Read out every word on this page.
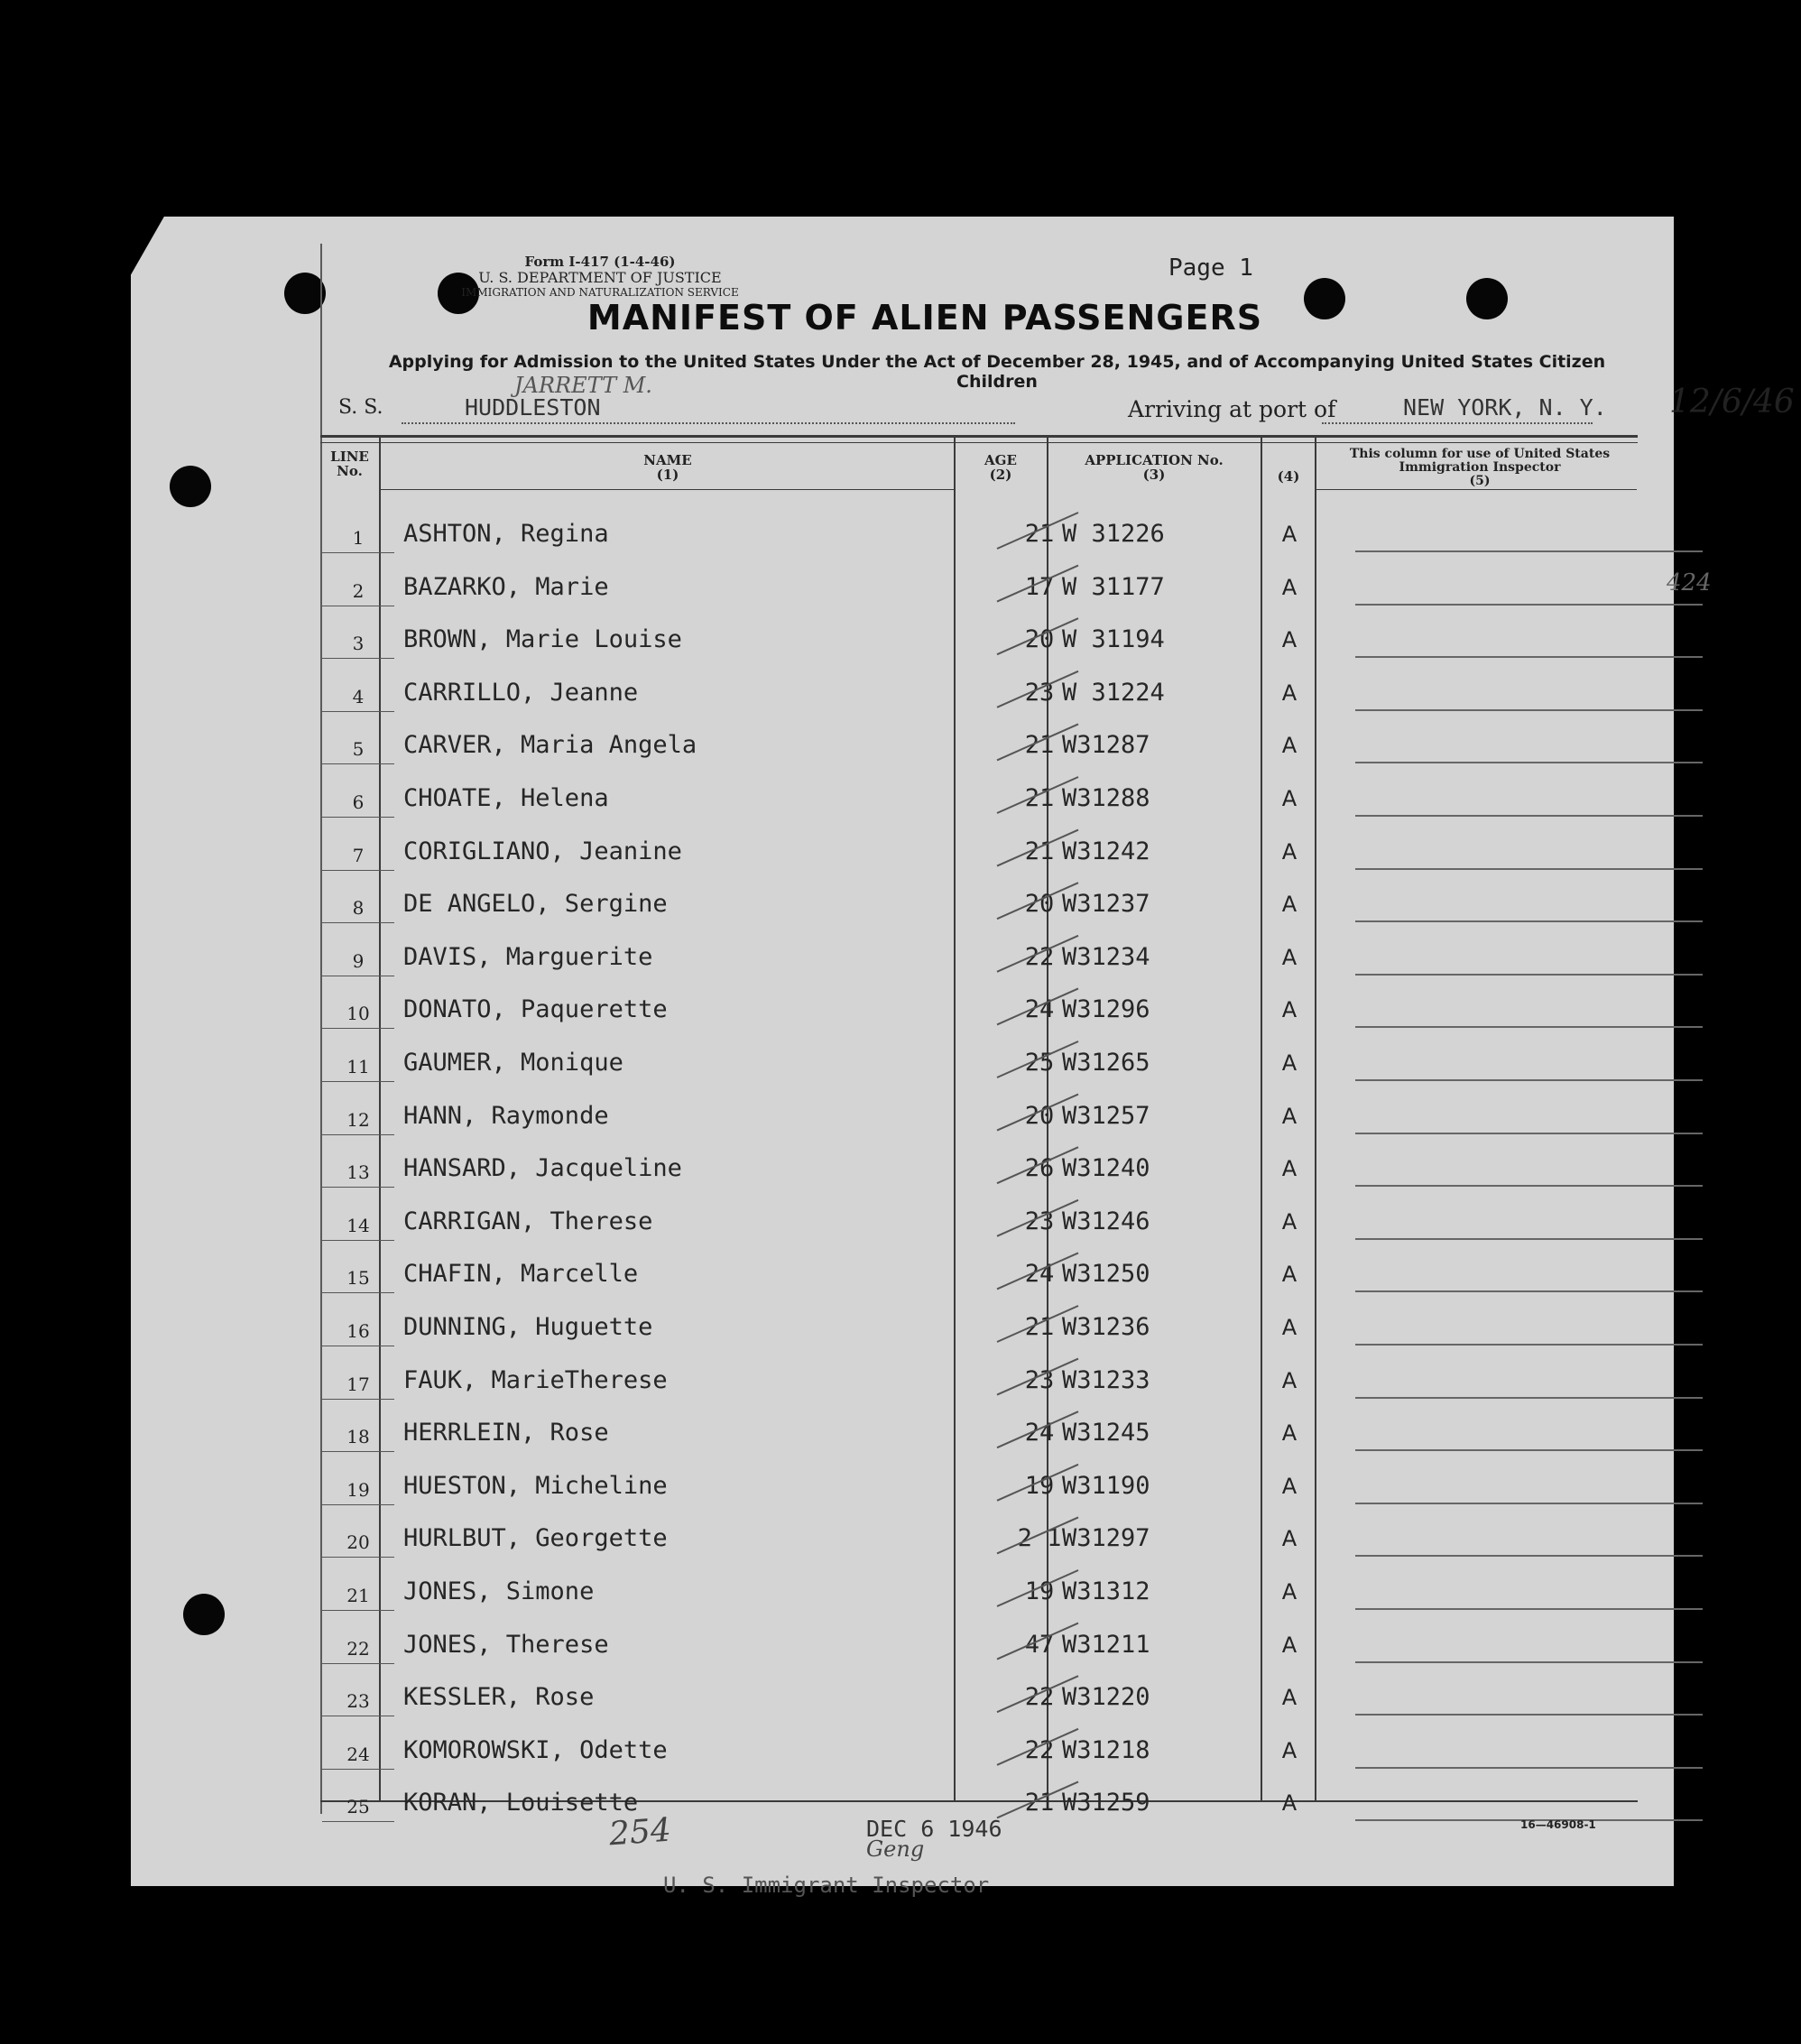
Form I-417 (1-4-46)
U. S. DEPARTMENT OF JUSTICE
IMMIGRATION AND NATURALIZATION SERVICE
Page 1
MANIFEST OF ALIEN PASSENGERS
Applying for Admission to the United States Under the Act of December 28, 1945, and of Accompanying United States Citizen Children
S. S.
JARRETT M.
HUDDLESTON	Arriving at port of	NEW YORK, N. Y. 12/6/46
LINE No.
NAME
(1)
AGE
(2)
APPLICATION No.
(3)	(4)
This column for use of United States Immigration Inspector
(5)
1	ASHTON, Regina	21 W 31226	A
2	BAZARKO, Marie	17 W 31177	A	424
3	BROWN, Marie Louise	20 W 31194	A
4	CARRILLO, Jeanne	23 W 31224	A
5	CARVER, Maria Angela	21 W31287	A
6	CHOATE, Helena	21 W31288	A
7	CORIGLIANO, Jeanine	21 W31242	A
8	DE ANGELO, Sergine	20 W31237	A
9	DAVIS, Marguerite	22 W31234	A
10	DONATO, Paquerette	24 W31296	A
11	GAUMER, Monique	25 W31265	A
12	HANN, Raymonde	20 W31257	A
13	HANSARD, Jacqueline	26 W31240	A
14	CARRIGAN, Therese	23 W31246	A
15	CHAFIN, Marcelle	24 W31250	A
16	DUNNING, Huguette	21 W31236	A
17	FAUK, MarieTherese	23 W31233	A
18	HERRLEIN, Rose	24 W31245	A
19	HUESTON, Micheline	19 W31190	A
20	HURLBUT, Georgette	2 1 W31297	A
21	JONES, Simone	19 W31312	A
22	JONES, Therese	47 W31211	A
23	KESSLER, Rose	22 W31220	A
24	KOMOROWSKI, Odette	22 W31218	A
25	KORAN, Louisette	21 W31259	A
254	DEC 6 1946
Geng
U. S. Immigrant Inspector
16—46908-1
